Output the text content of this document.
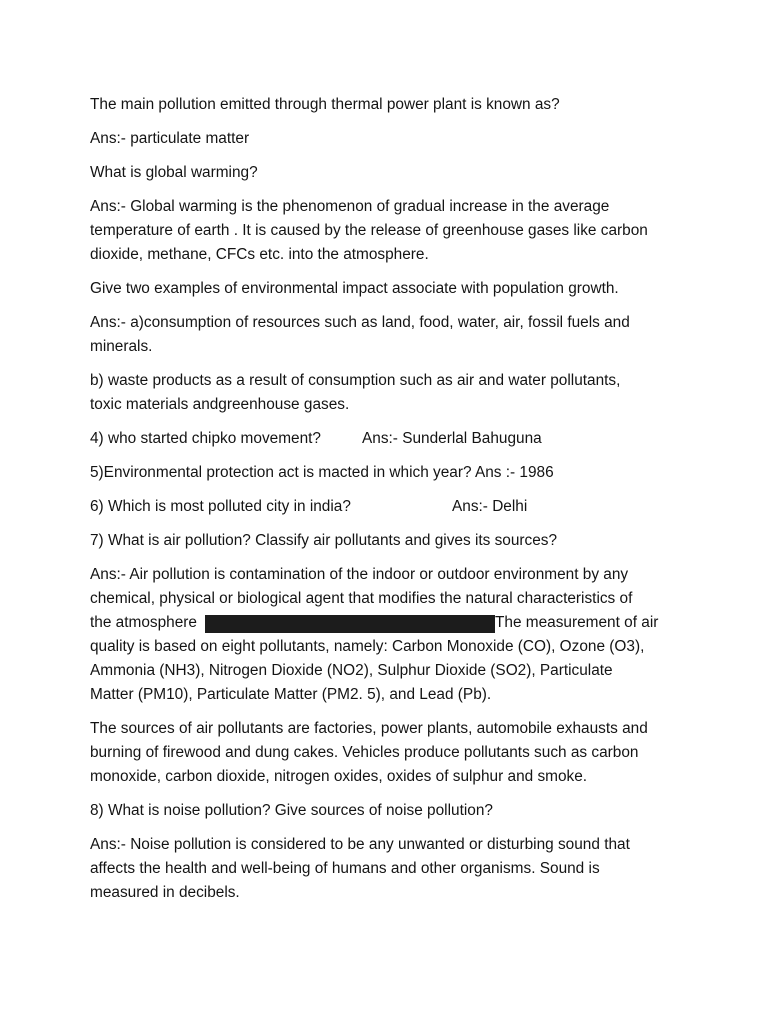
The main pollution emitted through thermal power plant is known as?

Ans:- particulate matter

What is global warming?

Ans:- Global warming is the phenomenon of gradual increase in the average

temperature of earth . It is caused by the release of greenhouse gases like carbon

dioxide, methane, CFCs etc. into the atmosphere.

Give two examples of environmental impact associate with population growth.

Ans:- a)consumption of resources such as land, food, water, air, fossil fuels and

minerals.

b) waste products as a result of consumption such as air and water pollutants,

toxic materials andgreenhouse gases.

4) who started chipko movement?	Ans:- Sunderlal Bahuguna

5)Environmental protection act is macted in which year? Ans :- 1986

6) Which is most polluted city in india?	Ans:- Delhi

7) What is air pollution? Classify air pollutants and gives its sources?

Ans:- Air pollution is contamination of the indoor or outdoor environment by any

chemical, physical or biological agent that modifies the natural characteristics of

the atmosphere	The measurement of air

quality is based on eight pollutants, namely: Carbon Monoxide (CO), Ozone (O3),

Ammonia (NH3), Nitrogen Dioxide (NO2), Sulphur Dioxide (SO2), Particulate

Matter (PM10), Particulate Matter (PM2. 5), and Lead (Pb).

The sources of air pollutants are factories, power plants, automobile exhausts and

burning of firewood and dung cakes. Vehicles produce pollutants such as carbon

monoxide, carbon dioxide, nitrogen oxides, oxides of sulphur and smoke.

8) What is noise pollution? Give sources of noise pollution?

Ans:- Noise pollution is considered to be any unwanted or disturbing sound that

affects the health and well-being of humans and other organisms. Sound is

measured in decibels.
